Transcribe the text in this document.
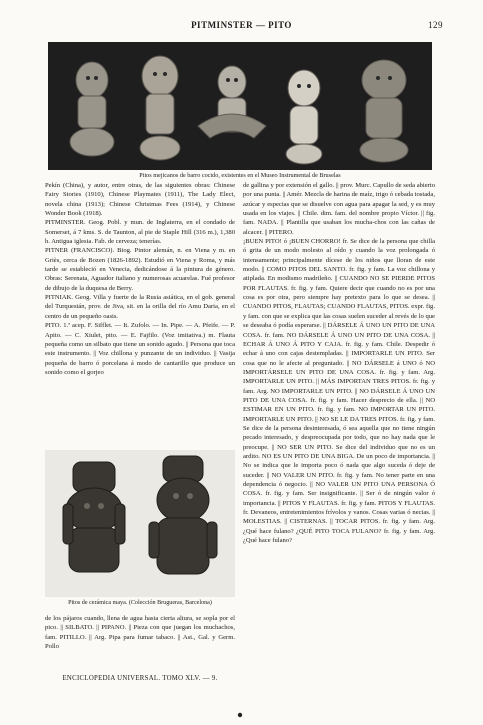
PITMINSTER — PITO	129
Pitos mejicanos de barro cocido, existentes en el Museo Instrumental de Bruselas

Pekín (China), y autor, entre otras, de las siguientes obras: Chinese Fairy Stories (1910), Chinese Playmates (1911), The Lady Elect, novela china (1913); Chinese Christmas Fees (1914), y Chinese Wonder Book (1918).

PITMINSTER. Geog. Pobl. y mun. de Inglaterra, en el condado de Somerset, á 7 kms. S. de Taunton, al pie de Staple Hill (316 m.), 1,380 h. Antigua iglesia. Fab. de cerveza; tenerías.

PITNER (FRANCISCO). Biog. Pintor alemán, n. en Viena y m. en Griès, cerca de Bozen (1826-1892). Estudió en Viena y Roma, y más tarde se estableció en Venecia, dedicándose á la pintura de género. Obras: Serenata, Aguador italiano y numerosas acuarelas. Fué profesor de dibujo de la duquesa de Berry.

PITNIAK. Geog. Villa y fuerte de la Rusia asiática, en el gob. general del Turquestán, prov. de Jiva, sit. en la orilla del río Amu Daria, en el centro de un pequeño oasis.

PITO. 1.ª acep. F. Sifflet. — It. Zufolo. — In. Pipe. — A. Pfeife. — P. Apito. — C. Xiulet, pito. — E. Fajfilo. (Voz imitativa.) m. Flauta pequeña como un silbato que tiene un sonido agudo. || Persona que toca este instrumento. || Voz chillona y punzante de un individuo. || Vasija pequeña de barro ó porcelana á modo de cantarillo que produce un sonido como el gorjeo

Pitos de cerámica maya. (Colección Brugueras, Barcelona)

de los pájaros cuando, llena de agua hasta cierta altura, se sopla por el pico. || SILBATO. || PIPANO. || Pieza con que juegan los muchachos, fam. PITILLO. || Arg. Pipa para fumar tabaco. || Ast., Gal. y Germ. Pollo

de gallina y por extensión el gallo. || prov. Murc. Capullo de seda abierto por una punta. || Amér. Mezcla de harina de maíz, trigo ó cebada tostada, azúcar y especias que se disuelve con agua para apagar la sed, y es muy usada en los viajes. || Chile. dim. fam. del nombre propio Víctor. || fig. fam. NADA. || Plantilla que usaban los mucha-chos con las cañas de alcacer. || PITERO.

¡BUEN PITO! ó ¡BUEN CHORRO! fr. Se dice de la persona que chilla ó grita de un modo molesto al oído y cuando la voz prolongada ó intensamente; principalmente dícese de los niños que lloran de este modo. || COMO PITOS DEL SANTO. fr. fig. y fam. La voz chillona y atiplada. En modismo madrileño. || CUANDO NO SE PIERDE PITOS POR FLAUTAS. fr. fig. y fam. Quiere decir que cuando no es por una cosa es por otra, pero siempre hay pretexto para lo que se desea. || CUANDO PITOS, FLAUTAS; CUANDO FLAUTAS, PITOS. expr. fig. y fam. con que se explica que las cosas suelen suceder al revés de lo que se deseaba ó podía esperarse. || DÁRSELE Á UNO UN PITO DE UNA COSA. fr. fam. NO DÁRSELE Á UNO UN PITO DE UNA COSA. || ECHAR Á UNO Á PITO Y CAJA. fr. fig. y fam. Chile. Despedir ó echar á uno con cajas destempladas. || IMPORTARLE UN PITO. Ser cosa que no le afecte al preguntado. || NO DÁRSELE á UNO ó NO IMPORTÁRSELE UN PITO DE UNA COSA. fr. fig. y fam. Arg. IMPORTARLE UN PITO. || MÁS IMPORTAN TRES PITOS. fr. fig. y fam. Arg. NO IMPORTARLE UN PITO. || NO DÁRSELE Á UNO UN PITO DE UNA COSA. fr. fig. y fam. Hacer desprecio de ella. || NO ESTIMAR EN UN PITO. fr. fig. y fam. NO IMPORTAR UN PITO. IMPORTARLE UN PITO. || NO SE LE DA TRES PITOS. fr. fig. y fam. Se dice de la persona desinteresada, ó sea aquella que no tiene ningún pecado interesado, y despreocupada por todo, que no hay nada que le preocupe. || NO SER UN PITO. Se dice del individuo que no es un ardito. NO ES UN PITO DE UNA BIGA. De un poco de importancia. || No se indica que le importa poco ó nada que algo suceda ó deje de suceder. || NO VALER UN PITO. fr. fig. y fam. No tener parte en una dependencia ó negocio. || NO VALER UN PITO UNA PERSONA Ó COSA. fr. fig. y fam. Ser insignificante. || Ser ó de ningún valor ó importancia. || PITOS Y FLAUTAS. fr. fig. y fam. PITOS Y FLAUTAS. fr. Devaneos, entretenimientos frívolos y vanos. Cosas varias ó necias. || MOLESTIAS. || CISTERNAS. || TOCAR PITOS. fr. fig. y fam. Arg. ¿Qué hace fulano? ¿QUÉ PITO TOCA FULANO? fr. fig. y fam. Arg. ¿Qué hace fulano?

ENCICLOPEDIA UNIVERSAL. TOMO XLV. — 9.
